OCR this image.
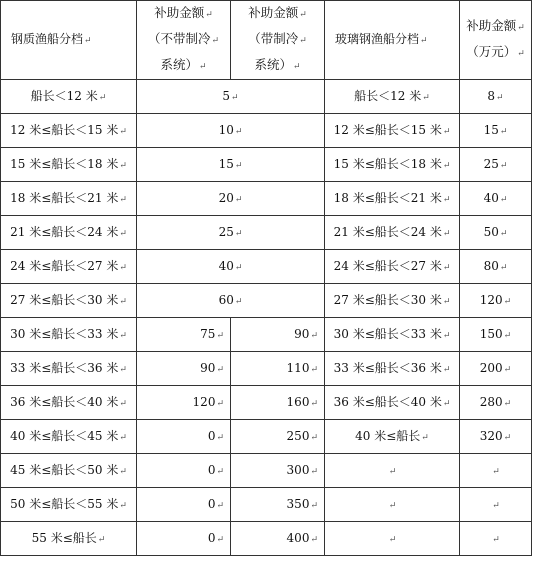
钢质渔船分档↵	补助金额↵
（不带制冷↵
系统）↵	补助金额↵
（带制冷↵
系统）↵	玻璃钢渔船分档↵	补助金额↵
（万元）↵

船长＜12 米↵	5↵		船长＜12 米↵	8↵
12 米≤船长＜15 米↵	10↵		12 米≤船长＜15 米↵	15↵
15 米≤船长＜18 米↵	15↵		15 米≤船长＜18 米↵	25↵
18 米≤船长＜21 米↵	20↵		18 米≤船长＜21 米↵	40↵
21 米≤船长＜24 米↵	25↵		21 米≤船长＜24 米↵	50↵
24 米≤船长＜27 米↵	40↵		24 米≤船长＜27 米↵	80↵
27 米≤船长＜30 米↵	60↵		27 米≤船长＜30 米↵	120↵
30 米≤船长＜33 米↵	75↵	90↵	30 米≤船长＜33 米↵	150↵
33 米≤船长＜36 米↵	90↵	110↵	33 米≤船长＜36 米↵	200↵
36 米≤船长＜40 米↵	120↵	160↵	36 米≤船长＜40 米↵	280↵
40 米≤船长＜45 米↵	0↵	250↵	40 米≤船长↵	320↵
45 米≤船长＜50 米↵	0↵	300↵	↵	↵
50 米≤船长＜55 米↵	0↵	350↵	↵	↵
55 米≤船长↵	0↵	400↵	↵	↵
